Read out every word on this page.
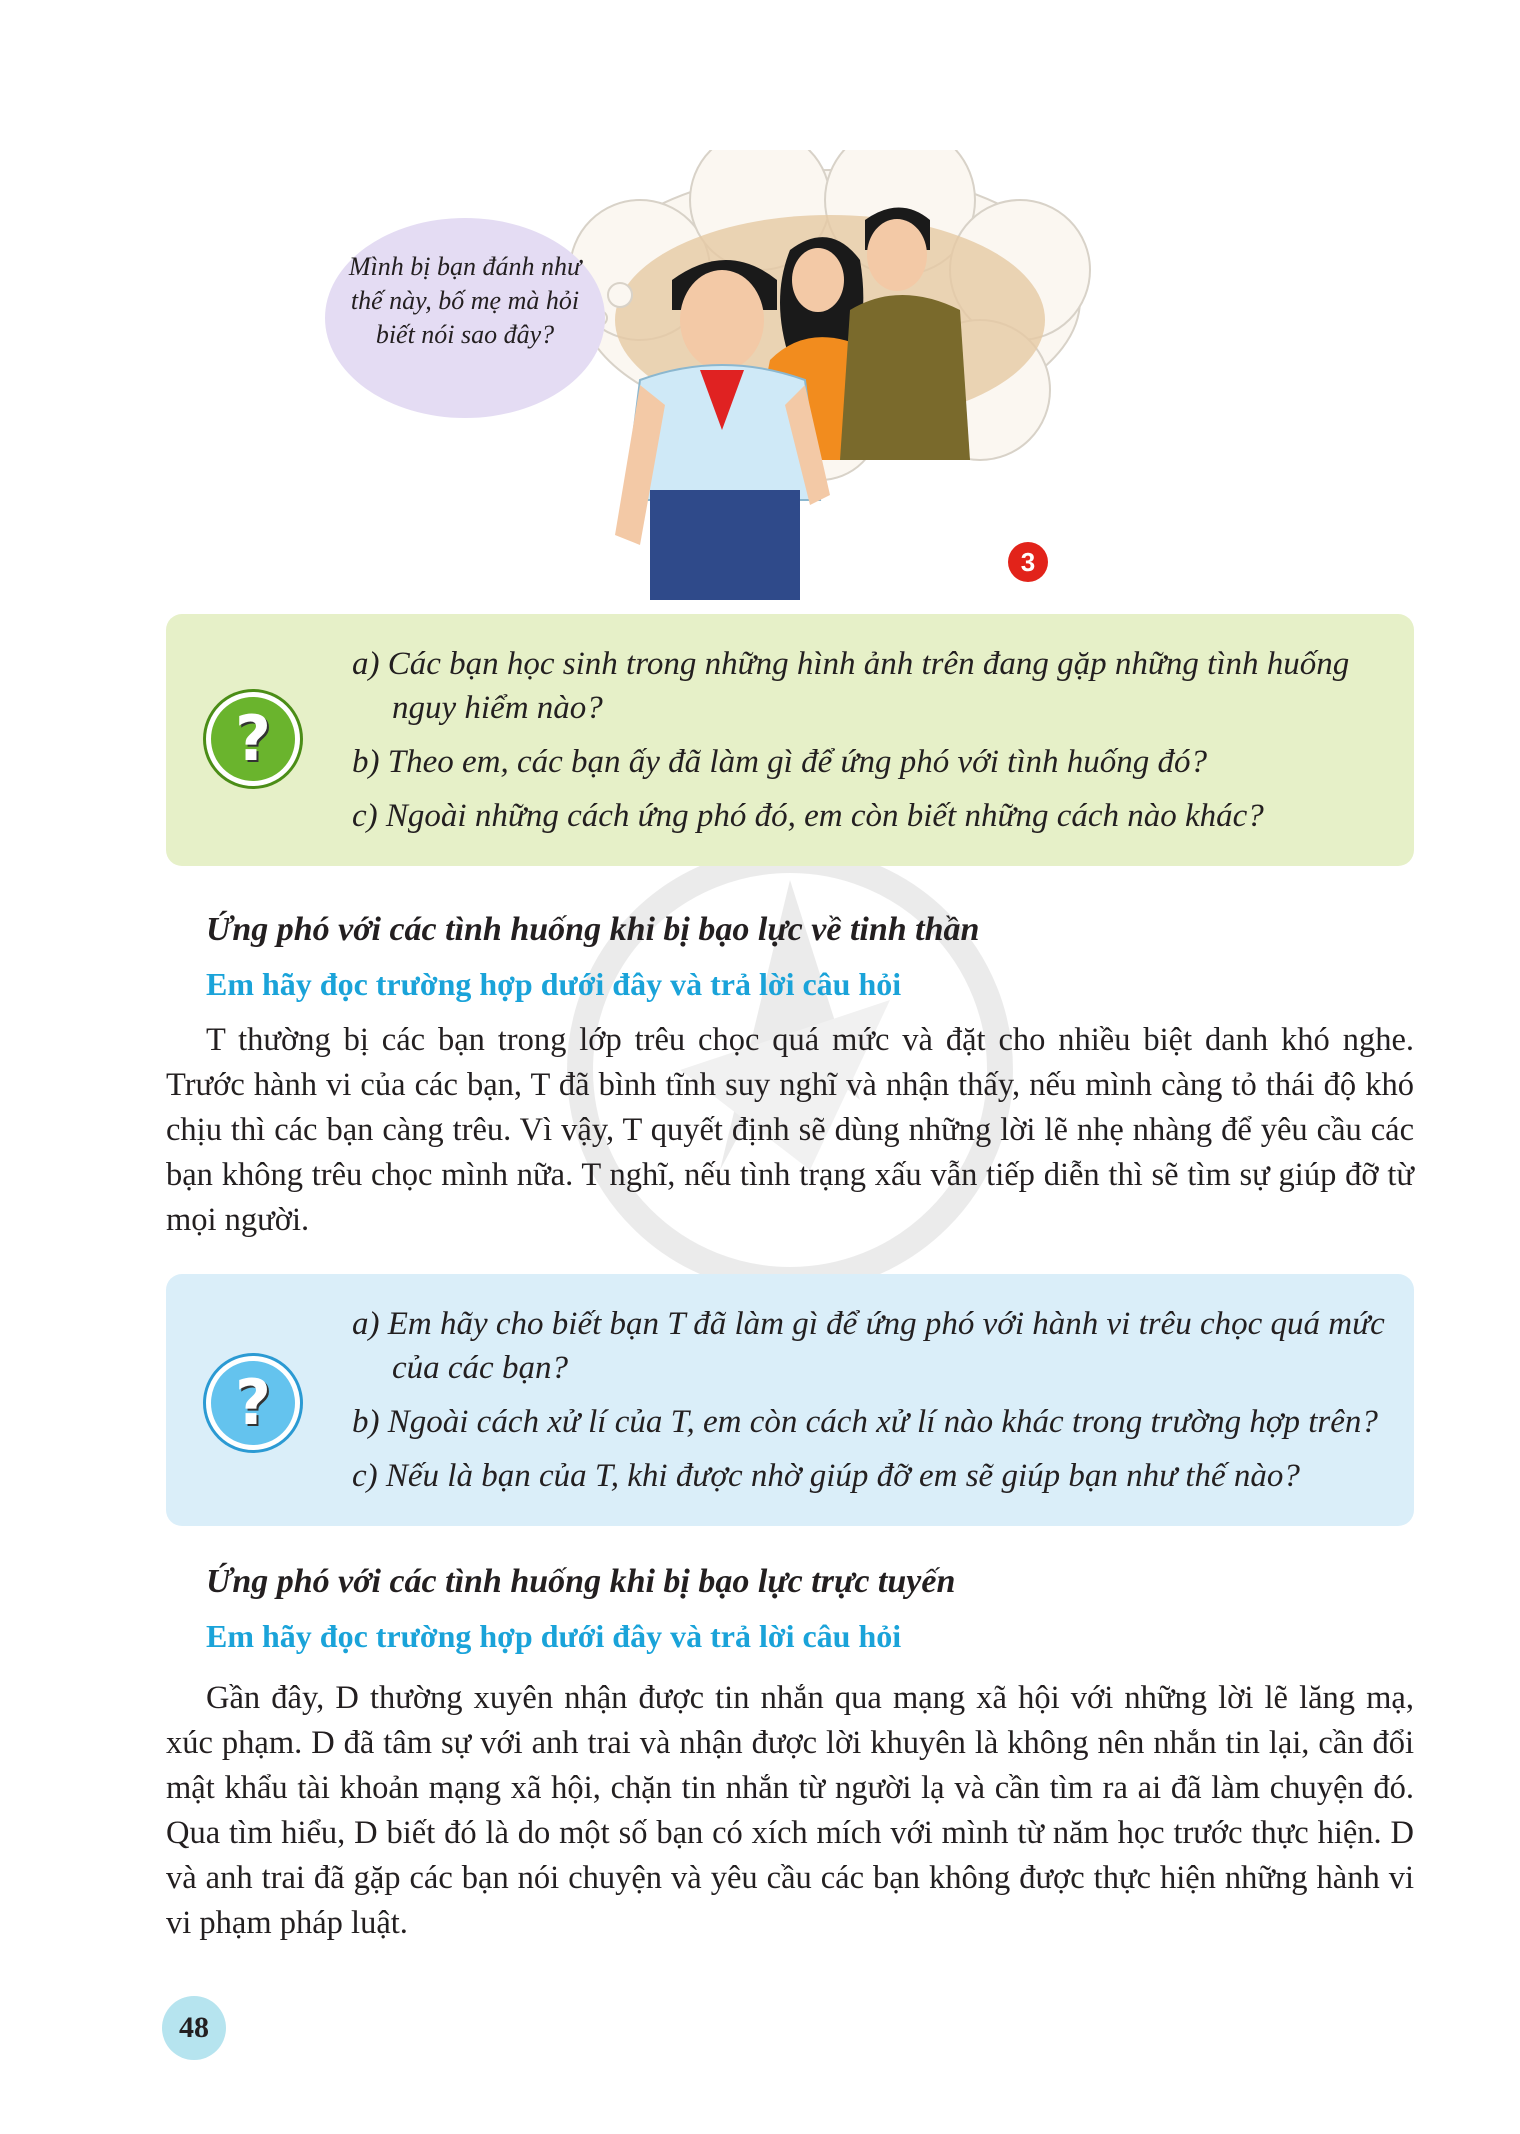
Mình bị bạn đánh như thế này, bố mẹ mà hỏi biết nói sao đây?
3
?

a) Các bạn học sinh trong những hình ảnh trên đang gặp những tình huống nguy hiểm nào?

b) Theo em, các bạn ấy đã làm gì để ứng phó với tình huống đó?

c) Ngoài những cách ứng phó đó, em còn biết những cách nào khác?

Ứng phó với các tình huống khi bị bạo lực về tinh thần
Em hãy đọc trường hợp dưới đây và trả lời câu hỏi
T thường bị các bạn trong lớp trêu chọc quá mức và đặt cho nhiều biệt danh khó nghe. Trước hành vi của các bạn, T đã bình tĩnh suy nghĩ và nhận thấy, nếu mình càng tỏ thái độ khó chịu thì các bạn càng trêu. Vì vậy, T quyết định sẽ dùng những lời lẽ nhẹ nhàng để yêu cầu các bạn không trêu chọc mình nữa. T nghĩ, nếu tình trạng xấu vẫn tiếp diễn thì sẽ tìm sự giúp đỡ từ mọi người.
?

a) Em hãy cho biết bạn T đã làm gì để ứng phó với hành vi trêu chọc quá mức của các bạn?

b) Ngoài cách xử lí của T, em còn cách xử lí nào khác trong trường hợp trên?

c) Nếu là bạn của T, khi được nhờ giúp đỡ em sẽ giúp bạn như thế nào?

Ứng phó với các tình huống khi bị bạo lực trực tuyến
Em hãy đọc trường hợp dưới đây và trả lời câu hỏi
Gần đây, D thường xuyên nhận được tin nhắn qua mạng xã hội với những lời lẽ lăng mạ, xúc phạm. D đã tâm sự với anh trai và nhận được lời khuyên là không nên nhắn tin lại, cần đổi mật khẩu tài khoản mạng xã hội, chặn tin nhắn từ người lạ và cần tìm ra ai đã làm chuyện đó. Qua tìm hiểu, D biết đó là do một số bạn có xích mích với mình từ năm học trước thực hiện. D và anh trai đã gặp các bạn nói chuyện và yêu cầu các bạn không được thực hiện những hành vi vi phạm pháp luật.
48
